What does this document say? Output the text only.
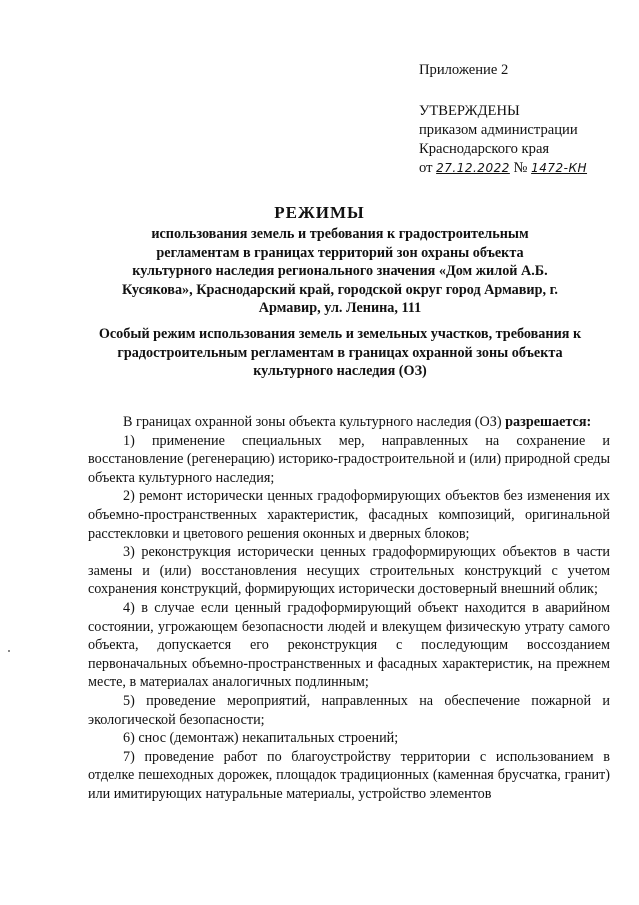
Приложение 2
УТВЕРЖДЕНЫ
приказом администрации
Краснодарского края
от 27.12.2022 № 1472-КН
РЕЖИМЫ
использования земель и требования к градостроительным регламентам в границах территорий зон охраны объекта культурного наследия регионального значения «Дом жилой А.Б. Кусякова», Краснодарский край, городской округ город Армавир, г. Армавир, ул. Ленина, 111
Особый режим использования земель и земельных участков, требования к градостроительным регламентам в границах охранной зоны объекта культурного наследия (ОЗ)

В границах охранной зоны объекта культурного наследия (ОЗ) разрешается:

1) применение специальных мер, направленных на сохранение и восстановление (регенерацию) историко-градостроительной и (или) природной среды объекта культурного наследия;

2) ремонт исторически ценных градоформирующих объектов без изменения их объемно-пространственных характеристик, фасадных композиций, оригинальной расстекловки и цветового решения оконных и дверных блоков;

3) реконструкция исторически ценных градоформирующих объектов в части замены и (или) восстановления несущих строительных конструкций с учетом сохранения конструкций, формирующих исторически достоверный внешний облик;

4) в случае если ценный градоформирующий объект находится в аварийном состоянии, угрожающем безопасности людей и влекущем физическую утрату самого объекта, допускается его реконструкция с последующим воссозданием первоначальных объемно-пространственных и фасадных характеристик, на прежнем месте, в материалах аналогичных подлинным;

5) проведение мероприятий, направленных на обеспечение пожарной и экологической безопасности;

6) снос (демонтаж) некапитальных строений;

7) проведение работ по благоустройству территории с использованием в отделке пешеходных дорожек, площадок традиционных (каменная брусчатка, гранит) или имитирующих натуральные материалы, устройство элементов
